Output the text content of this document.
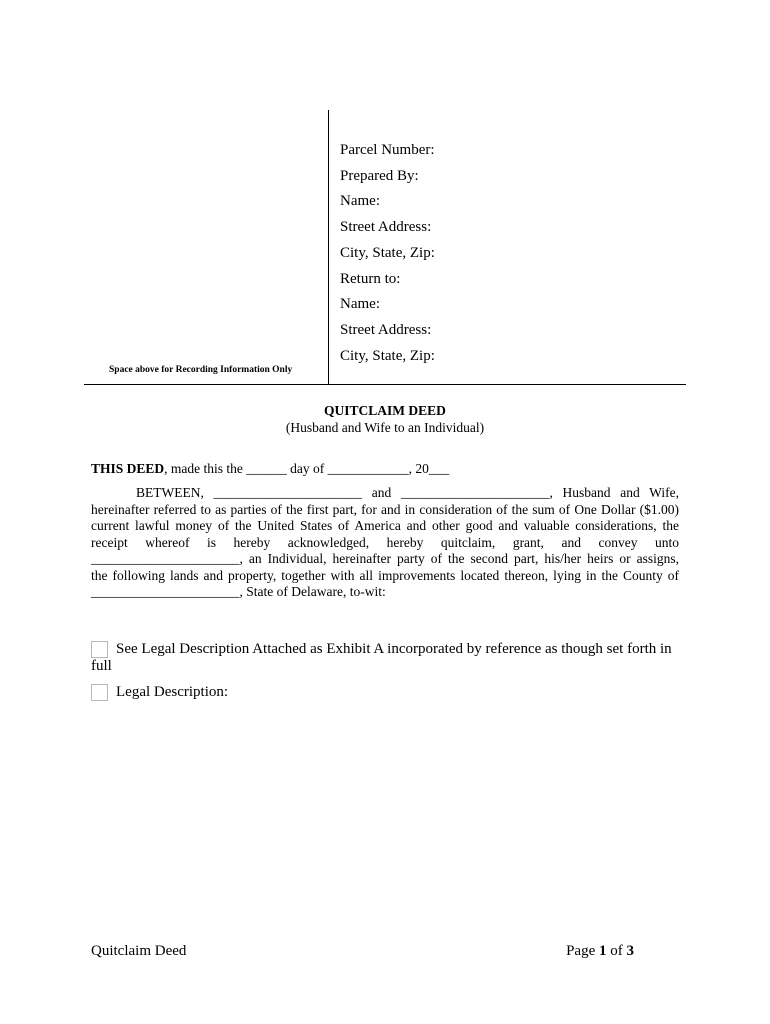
Parcel Number:
Prepared By:
Name:
Street Address:
City, State, Zip:
Return to:
Name:
Street Address:
City, State, Zip:
Space above for Recording Information Only
QUITCLAIM DEED
(Husband and Wife to an Individual)
THIS DEED, made this the ______ day of ____________, 20___
BETWEEN, ______________________ and ______________________, Husband and Wife,
hereinafter referred to as parties of the first part, for and in consideration of the sum of One Dollar ($1.00)
current lawful money of the United States of America and other good and valuable considerations, the
receipt whereof is hereby acknowledged, hereby quitclaim, grant, and convey unto
______________________, an Individual, hereinafter party of the second part, his/her heirs or assigns,
the following lands and property, together with all improvements located thereon, lying in the County of
______________________, State of Delaware, to-wit:
See Legal Description Attached as Exhibit A incorporated by reference as though set forth in
full
Legal Description:
Quitclaim Deed	Page 1 of 3
